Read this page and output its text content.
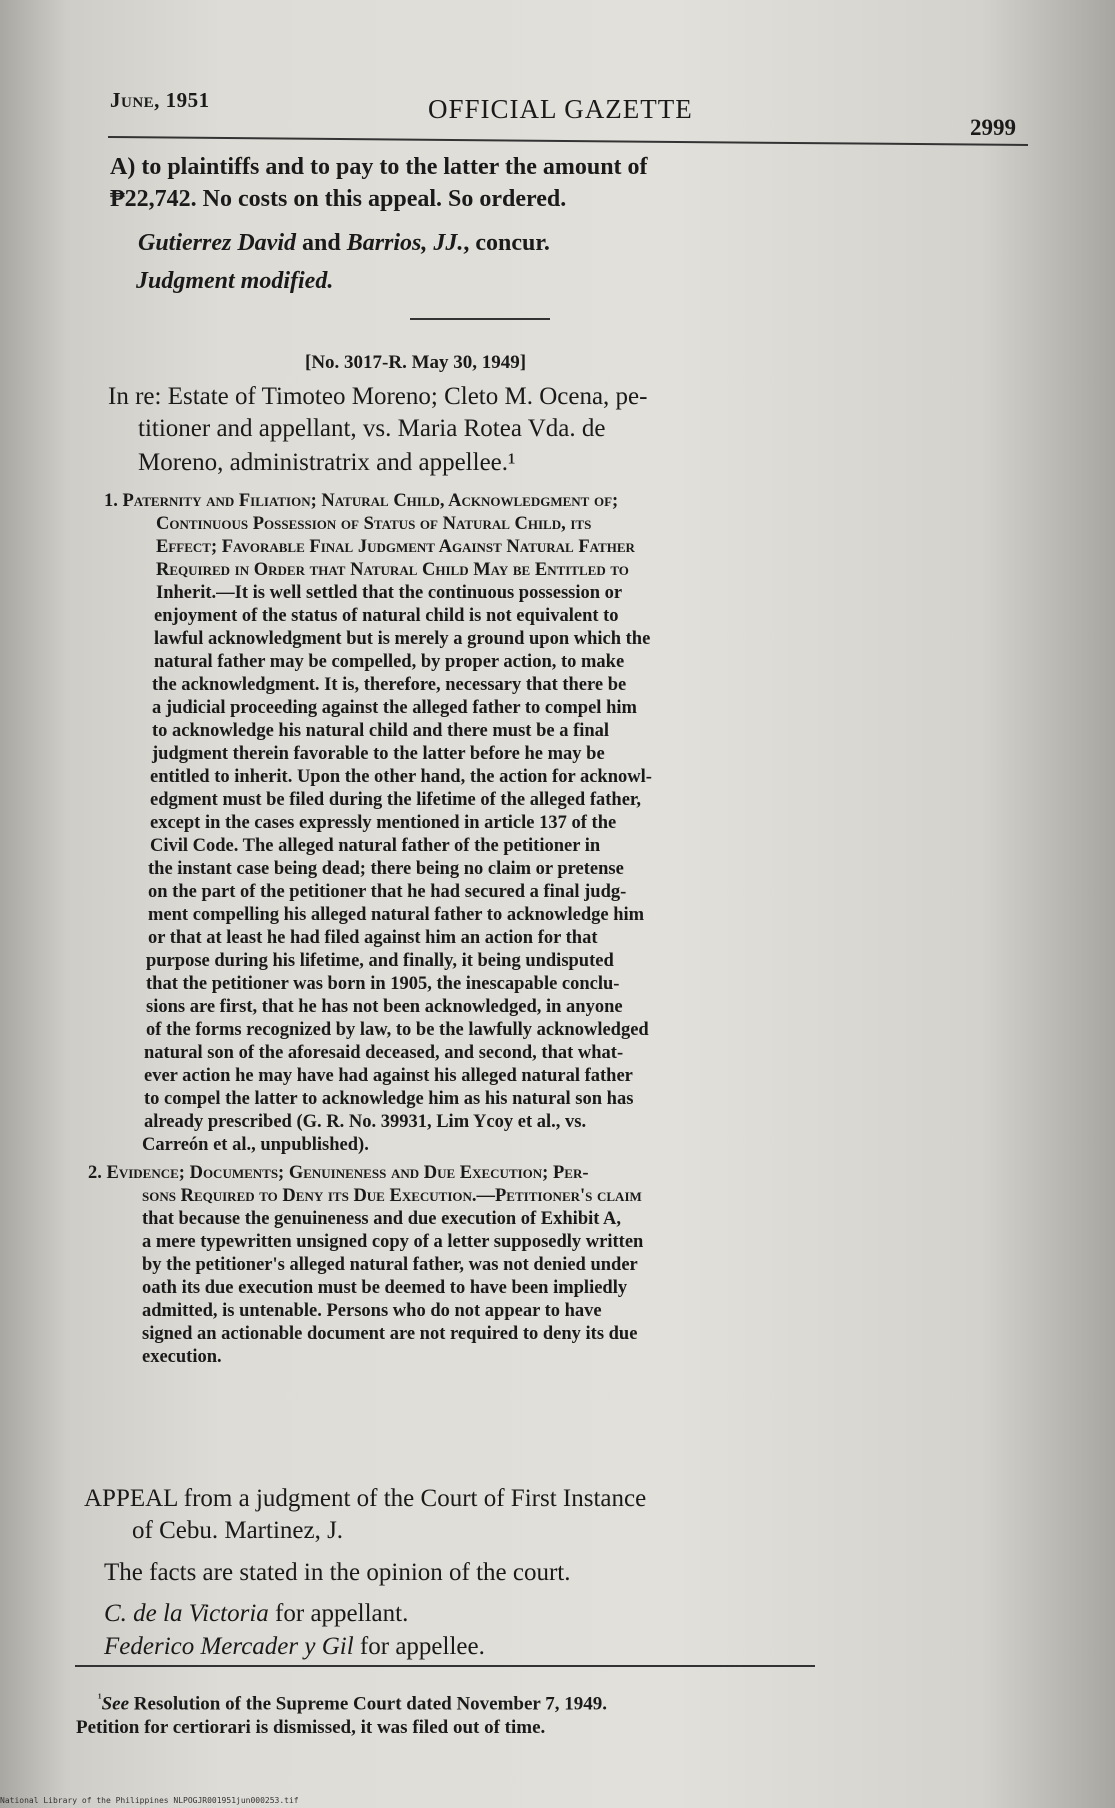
June, 1951	OFFICIAL GAZETTE
2999

A) to plaintiffs and to pay to the latter the amount of

₱22,742. No costs on this appeal. So ordered.

Gutierrez David and Barrios, JJ., concur.

Judgment modified.

[No. 3017-R. May 30, 1949]

In re: Estate of Timoteo Moreno; Cleto M. Ocena, pe-

titioner and appellant, vs. Maria Rotea Vda. de

Moreno, administratrix and appellee.¹

1. Paternity and Filiation; Natural Child, Acknowledgment of;

Continuous Possession of Status of Natural Child, its

Effect; Favorable Final Judgment Against Natural Father

Required in Order that Natural Child May be Entitled to

Inherit.—It is well settled that the continuous possession or

enjoyment of the status of natural child is not equivalent to

lawful acknowledgment but is merely a ground upon which the

natural father may be compelled, by proper action, to make

the acknowledgment. It is, therefore, necessary that there be

a judicial proceeding against the alleged father to compel him

to acknowledge his natural child and there must be a final

judgment therein favorable to the latter before he may be

entitled to inherit. Upon the other hand, the action for acknowl-

edgment must be filed during the lifetime of the alleged father,

except in the cases expressly mentioned in article 137 of the

Civil Code. The alleged natural father of the petitioner in

the instant case being dead; there being no claim or pretense

on the part of the petitioner that he had secured a final judg-

ment compelling his alleged natural father to acknowledge him

or that at least he had filed against him an action for that

purpose during his lifetime, and finally, it being undisputed

that the petitioner was born in 1905, the inescapable conclu-

sions are first, that he has not been acknowledged, in anyone

of the forms recognized by law, to be the lawfully acknowledged

natural son of the aforesaid deceased, and second, that what-

ever action he may have had against his alleged natural father

to compel the latter to acknowledge him as his natural son has

already prescribed (G. R. No. 39931, Lim Ycoy et al., vs.

Carreón et al., unpublished).

2. Evidence; Documents; Genuineness and Due Execution; Per-

sons Required to Deny its Due Execution.—Petitioner's claim

that because the genuineness and due execution of Exhibit A,

a mere typewritten unsigned copy of a letter supposedly written

by the petitioner's alleged natural father, was not denied under

oath its due execution must be deemed to have been impliedly

admitted, is untenable. Persons who do not appear to have

signed an actionable document are not required to deny its due

execution.

APPEAL from a judgment of the Court of First Instance

of Cebu. Martinez, J.

The facts are stated in the opinion of the court.

C. de la Victoria for appellant.

Federico Mercader y Gil for appellee.

$^{^1}$See Resolution of the Supreme Court dated November 7, 1949.

Petition for certiorari is dismissed, it was filed out of time.

National Library of the Philippines NLPOGJR001951jun000253.tif
